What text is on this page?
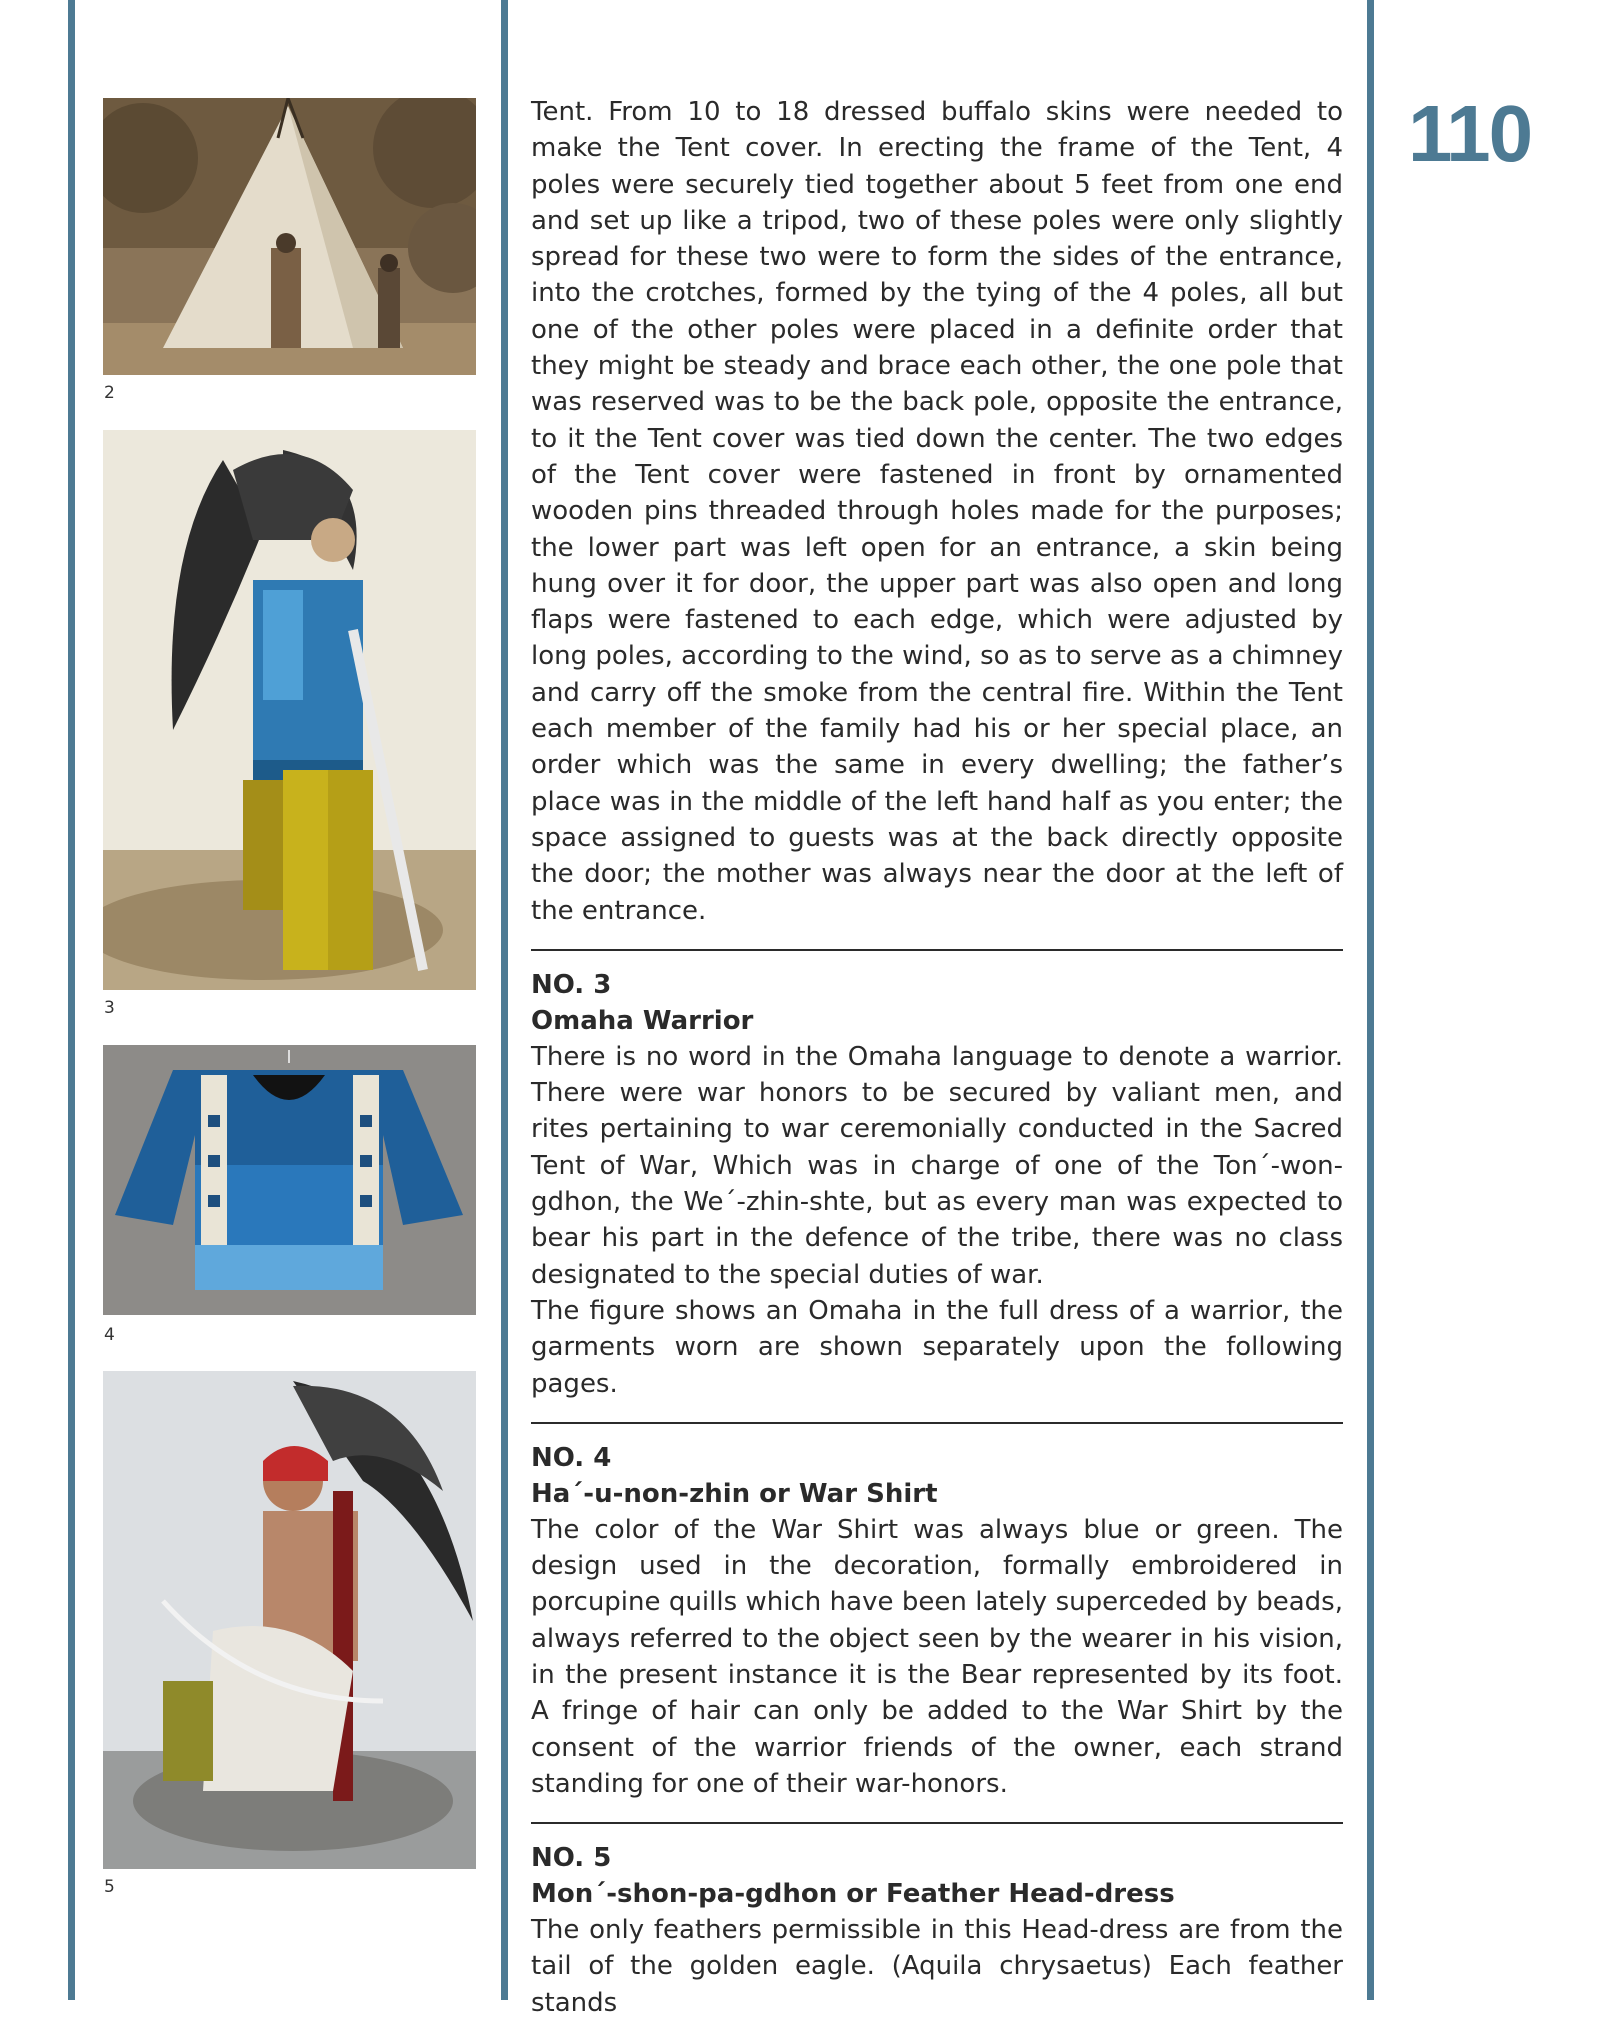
110
2
3
4
5

Tent. From 10 to 18 dressed buffalo skins were needed to make the Tent cover. In erecting the frame of the Tent, 4 poles were securely tied together about 5 feet from one end and set up like a tripod, two of these poles were only slightly spread for these two were to form the sides of the entrance, into the crotches, formed by the tying of the 4 poles, all but one of the other poles were placed in a definite order that they might be steady and brace each other, the one pole that was reserved was to be the back pole, opposite the entrance, to it the Tent cover was tied down the center. The two edges of the Tent cover were fastened in front by ornamented wooden pins threaded through holes made for the purposes; the lower part was left open for an entrance, a skin being hung over it for door, the upper part was also open and long flaps were fastened to each edge, which were adjusted by long poles, according to the wind, so as to serve as a chimney and carry off the smoke from the central fire. Within the Tent each member of the family had his or her special place, an order which was the same in every dwelling; the father’s place was in the middle of the left hand half as you enter; the space assigned to guests was at the back directly opposite the door; the mother was always near the door at the left of the entrance.

NO. 3

Omaha Warrior

There is no word in the Omaha language to denote a warrior. There were war honors to be secured by valiant men, and rites pertaining to war ceremonially conducted in the Sacred Tent of War, Which was in charge of one of the Ton´-won-gdhon, the We´-zhin-shte, but as every man was expected to bear his part in the defence of the tribe, there was no class designated to the special duties of war.

The figure shows an Omaha in the full dress of a warrior, the garments worn are shown separately upon the following pages.

NO. 4

Ha´-u-non-zhin or War Shirt

The color of the War Shirt was always blue or green. The design used in the decoration, formally embroidered in porcupine quills which have been lately superceded by beads, always referred to the object seen by the wearer in his vision, in the present instance it is the Bear represented by its foot. A fringe of hair can only be added to the War Shirt by the consent of the warrior friends of the owner, each strand standing for one of their war-honors.

NO. 5

Mon´-shon-pa-gdhon or Feather Head-dress

The only feathers permissible in this Head-dress are from the tail of the golden eagle. (Aquila chrysaetus) Each feather stands
